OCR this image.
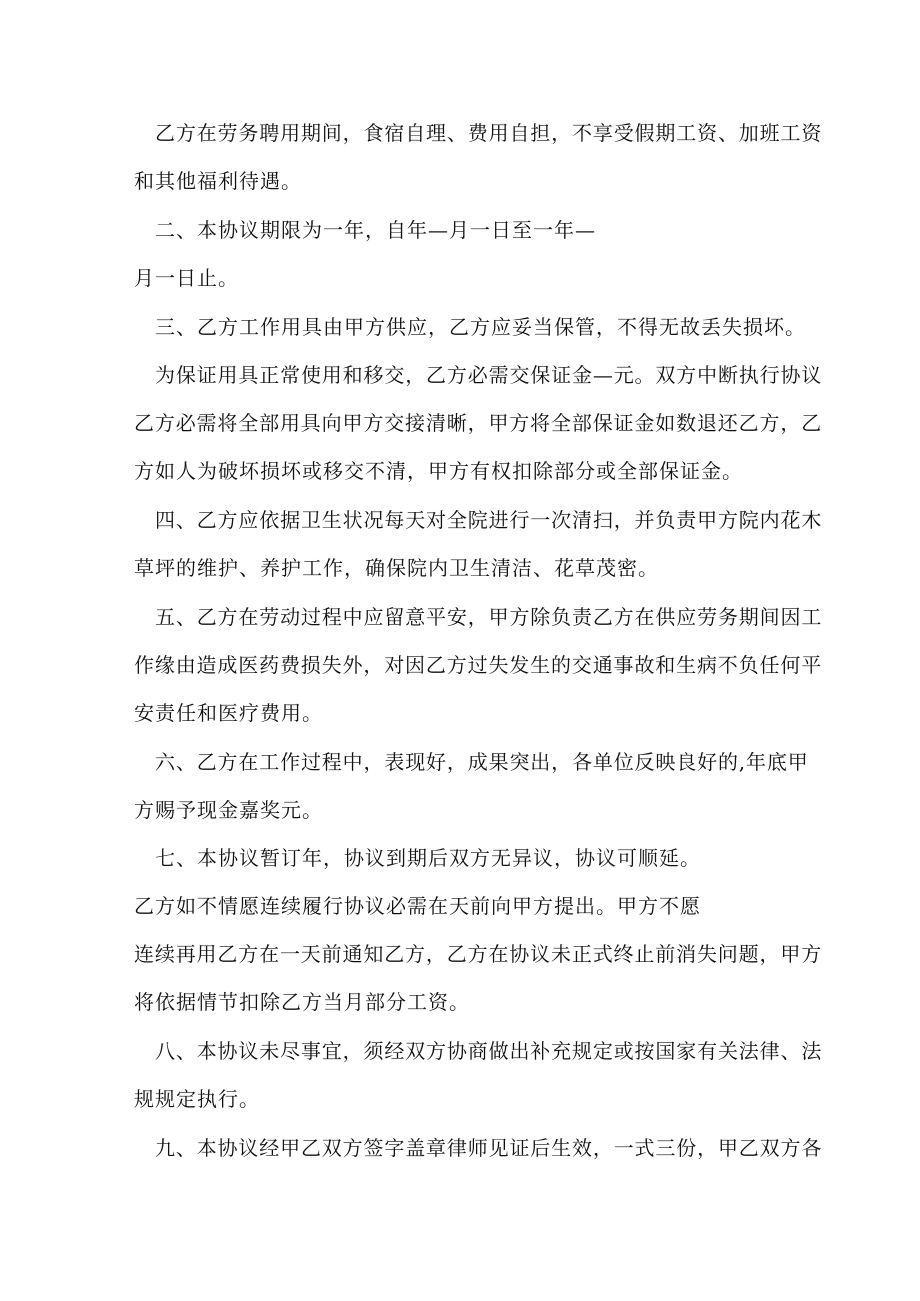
乙方在劳务聘用期间，食宿自理、费用自担，不享受假期工资、加班工资
和其他福利待遇。
二、本协议期限为一年，自年—月一日至一年—
月一日止。
三、乙方工作用具由甲方供应，乙方应妥当保管，不得无故丢失损坏。
为保证用具正常使用和移交，乙方必需交保证金—元。双方中断执行协议
乙方必需将全部用具向甲方交接清晰，甲方将全部保证金如数退还乙方，乙
方如人为破坏损坏或移交不清，甲方有权扣除部分或全部保证金。
四、乙方应依据卫生状况每天对全院进行一次清扫，并负责甲方院内花木
草坪的维护、养护工作，确保院内卫生清洁、花草茂密。
五、乙方在劳动过程中应留意平安，甲方除负责乙方在供应劳务期间因工
作缘由造成医药费损失外，对因乙方过失发生的交通事故和生病不负任何平
安责任和医疗费用。
六、乙方在工作过程中，表现好，成果突出，各单位反映良好的,年底甲
方赐予现金嘉奖元。
七、本协议暂订年，协议到期后双方无异议，协议可顺延。
乙方如不情愿连续履行协议必需在天前向甲方提出。甲方不愿
连续再用乙方在一天前通知乙方，乙方在协议未正式终止前消失问题，甲方
将依据情节扣除乙方当月部分工资。
八、本协议未尽事宜，须经双方协商做出补充规定或按国家有关法律、法
规规定执行。
九、本协议经甲乙双方签字盖章律师见证后生效，一式三份，甲乙双方各
